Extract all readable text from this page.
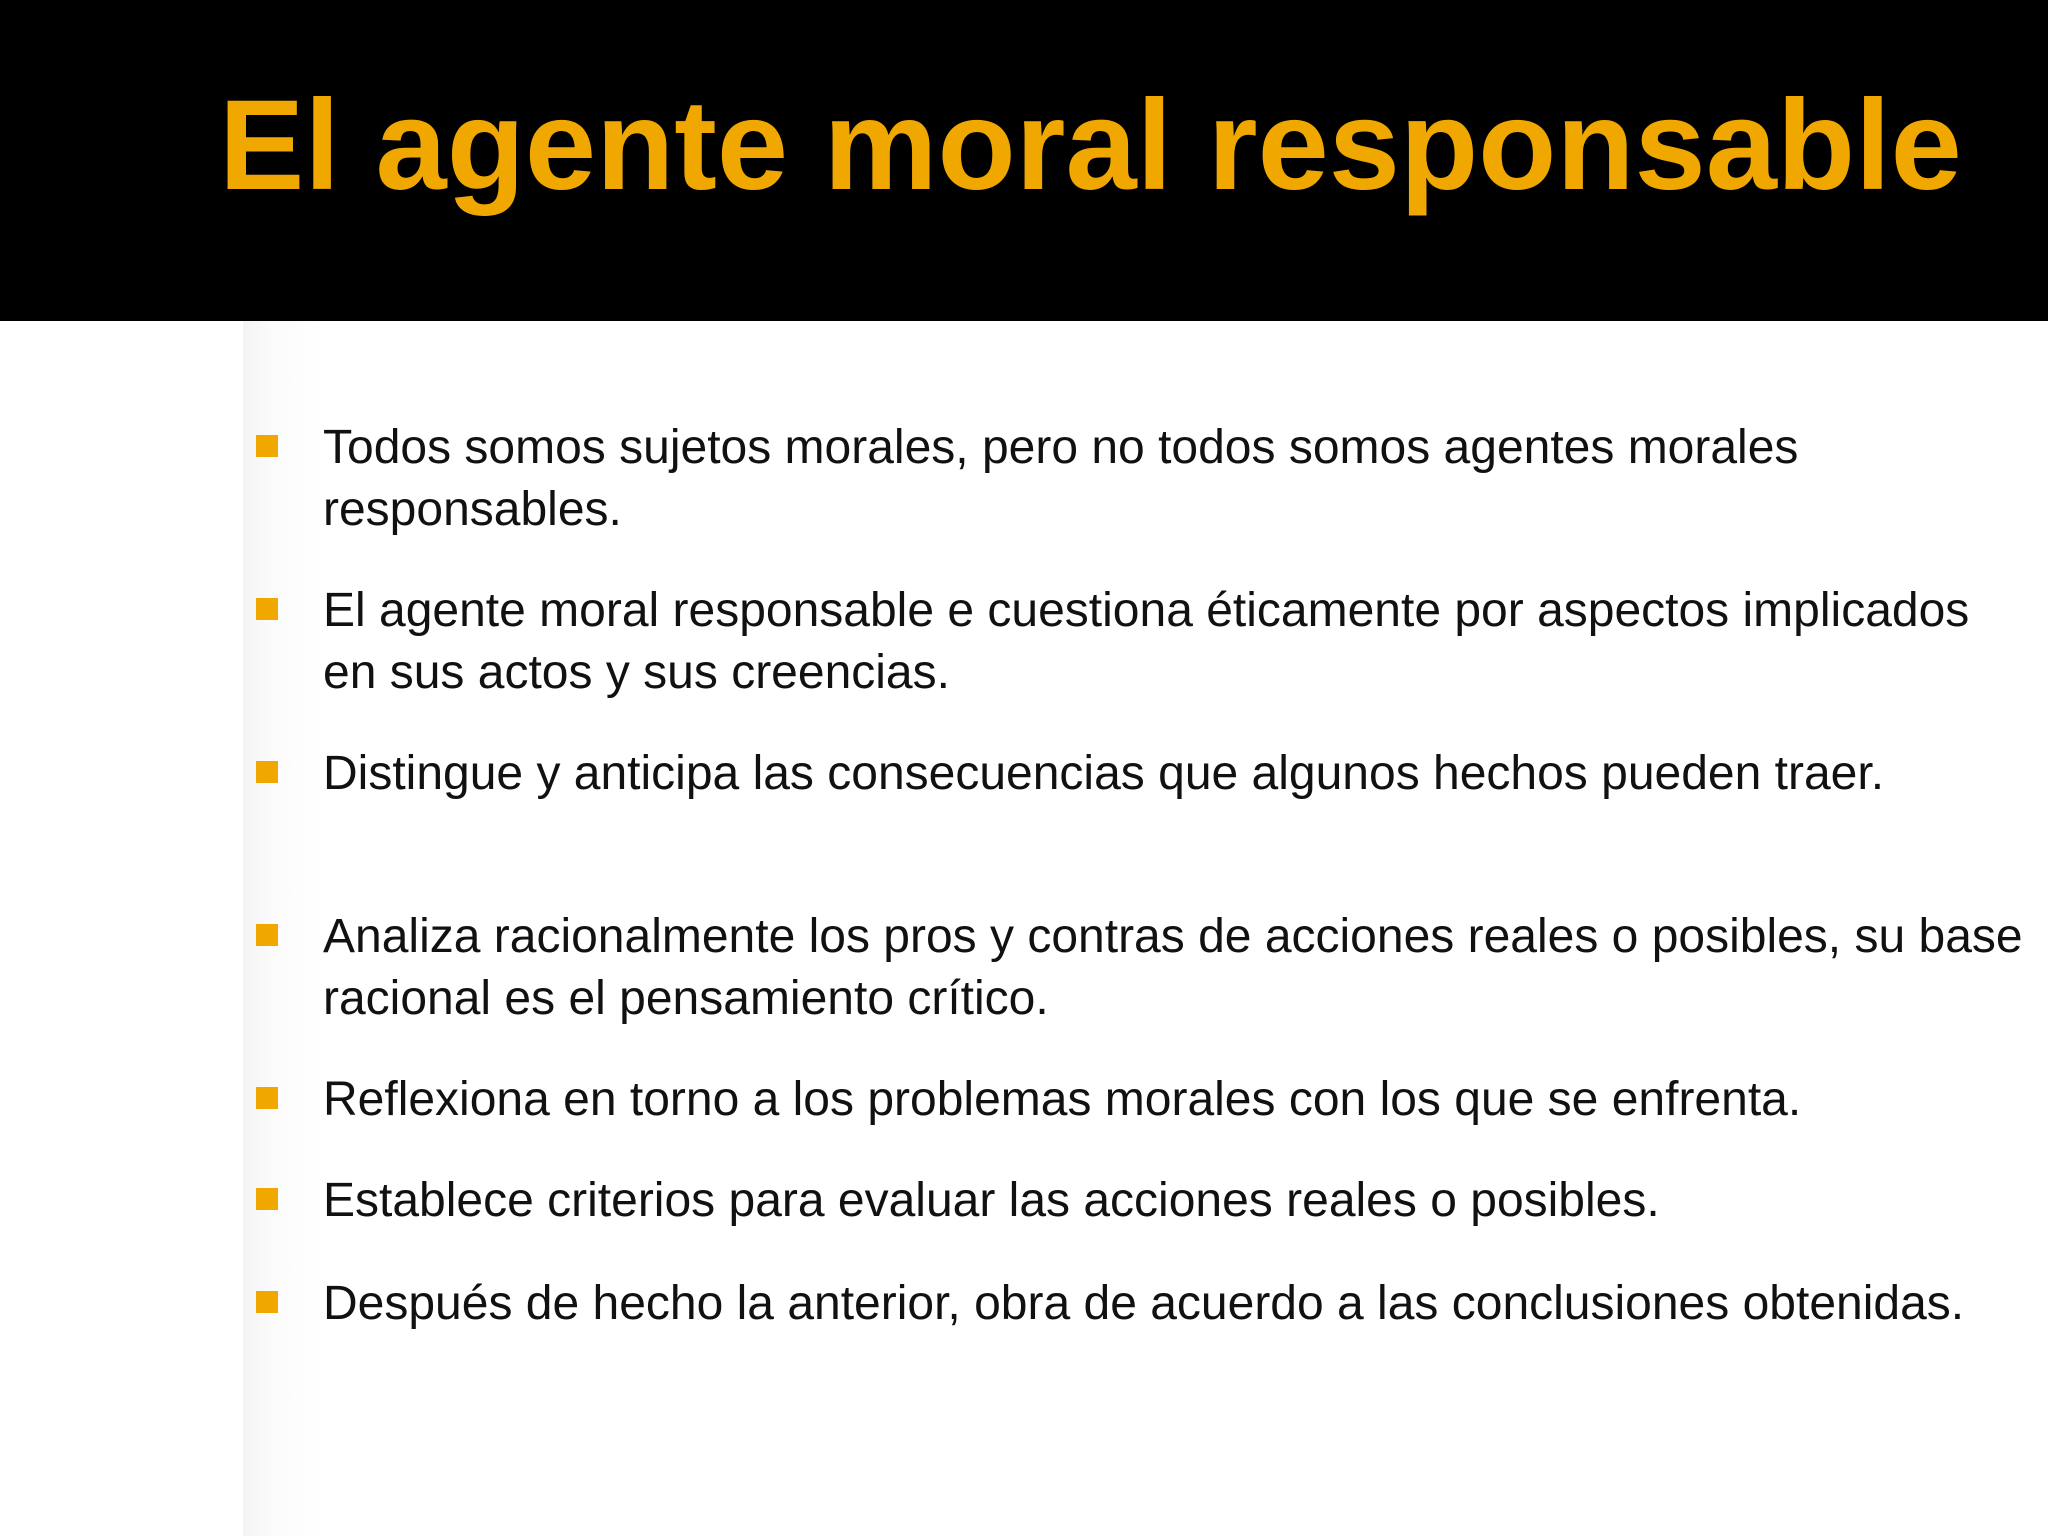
El agente moral responsable
Todos somos sujetos morales, pero no todos somos agentes morales responsables.
El agente moral responsable e cuestiona éticamente por aspectos implicados en sus actos y sus creencias.
Distingue y anticipa las consecuencias que algunos hechos pueden traer.
Analiza racionalmente los pros y contras de acciones reales o posibles, su base racional es el pensamiento crítico.
Reflexiona en torno a los problemas morales con los que se enfrenta.
Establece criterios para evaluar las acciones reales o posibles.
Después de hecho la anterior, obra de acuerdo a las conclusiones obtenidas.
